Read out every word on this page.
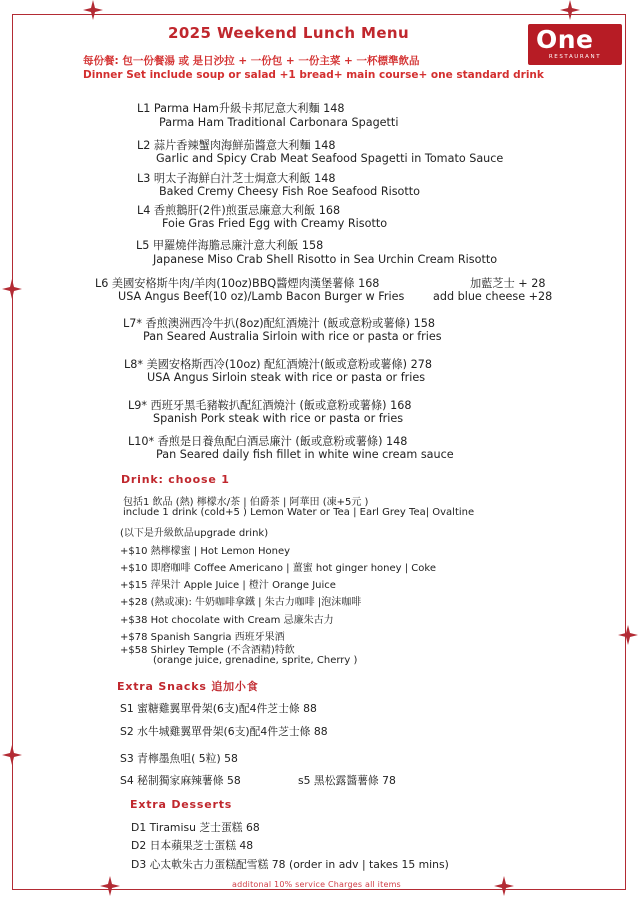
2025 Weekend Lunch Menu	One
RESTAURANT
每份餐: 包一份餐湯 或 是日沙拉 + 一份包 + 一份主菜 + 一杯標準飲品
Dinner Set include soup or salad +1 bread+ main course+ one standard drink
L1 Parma Ham升級卡邦尼意大利麵 148
Parma Ham Traditional Carbonara Spagetti
L2 蒜片香辣蟹肉海鮮茄醬意大利麵 148
Garlic and Spicy Crab Meat Seafood Spagetti in Tomato Sauce
L3 明太子海鮮白汁芝士焗意大利飯 148
Baked Cremy Cheesy Fish Roe Seafood Risotto
L4 香煎鵝肝(2件)煎蛋忌廉意大利飯 168
Foie Gras Fried Egg with Creamy Risotto
L5 甲羅燒伴海膽忌廉汁意大利飯 158
Japanese Miso Crab Shell Risotto in Sea Urchin Cream Risotto
L6 美國安格斯牛肉/羊肉(10oz)BBQ醬煙肉漢堡薯條 168	加藍芝士 + 28
USA Angus Beef(10 oz)/Lamb Bacon Burger w Fries	add blue cheese +28
L7* 香煎澳洲西冷牛扒(8oz)配紅酒燒汁 (飯或意粉或薯條) 158
Pan Seared Australia Sirloin with rice or pasta or fries
L8* 美國安格斯西冷(10oz) 配紅酒燒汁(飯或意粉或薯條) 278
USA Angus Sirloin steak with rice or pasta or fries
L9* 西班牙黑毛豬鞍扒配紅酒燒汁 (飯或意粉或薯條) 168
Spanish Pork steak with rice or pasta or fries
L10* 香煎是日養魚配白酒忌廉汁 (飯或意粉或薯條) 148
Pan Seared daily fish fillet in white wine cream sauce
Drink: choose 1
包括1 飲品 (熱) 檸檬水/茶 | 伯爵茶 | 阿華田 (凍+5元 )
include 1 drink (cold+5 ) Lemon Water or Tea | Earl Grey Tea| Ovaltine
(以下是升級飲品upgrade drink)
+$10 熱檸檬蜜 | Hot Lemon Honey
+$10 即磨咖啡 Coffee Americano | 薑蜜 hot ginger honey | Coke
+$15 萍果汁 Apple Juice | 橙汁 Orange Juice
+$28 (熱或凍): 牛奶咖啡拿鐵 | 朱古力咖啡 |泡沫咖啡
+$38 Hot chocolate with Cream 忌廉朱古力
+$78 Spanish Sangria 西班牙果酒
+$58 Shirley Temple (不含酒精)特飲
(orange juice, grenadine, sprite, Cherry )
Extra Snacks 追加小食
S1 蜜糖雞翼單骨架(6支)配4件芝士條 88
S2 水牛城雞翼單骨架(6支)配4件芝士條 88
S3 青檸墨魚咀( 5粒) 58
S4 秘制獨家麻辣薯條 58	s5 黑松露醬薯條 78
Extra Desserts
D1 Tiramisu 芝士蛋糕 68
D2 日本蘋果芝士蛋糕 48
D3 心太軟朱古力蛋糕配雪糕 78 (order in adv | takes 15 mins)
additonal 10% service Charges all items
